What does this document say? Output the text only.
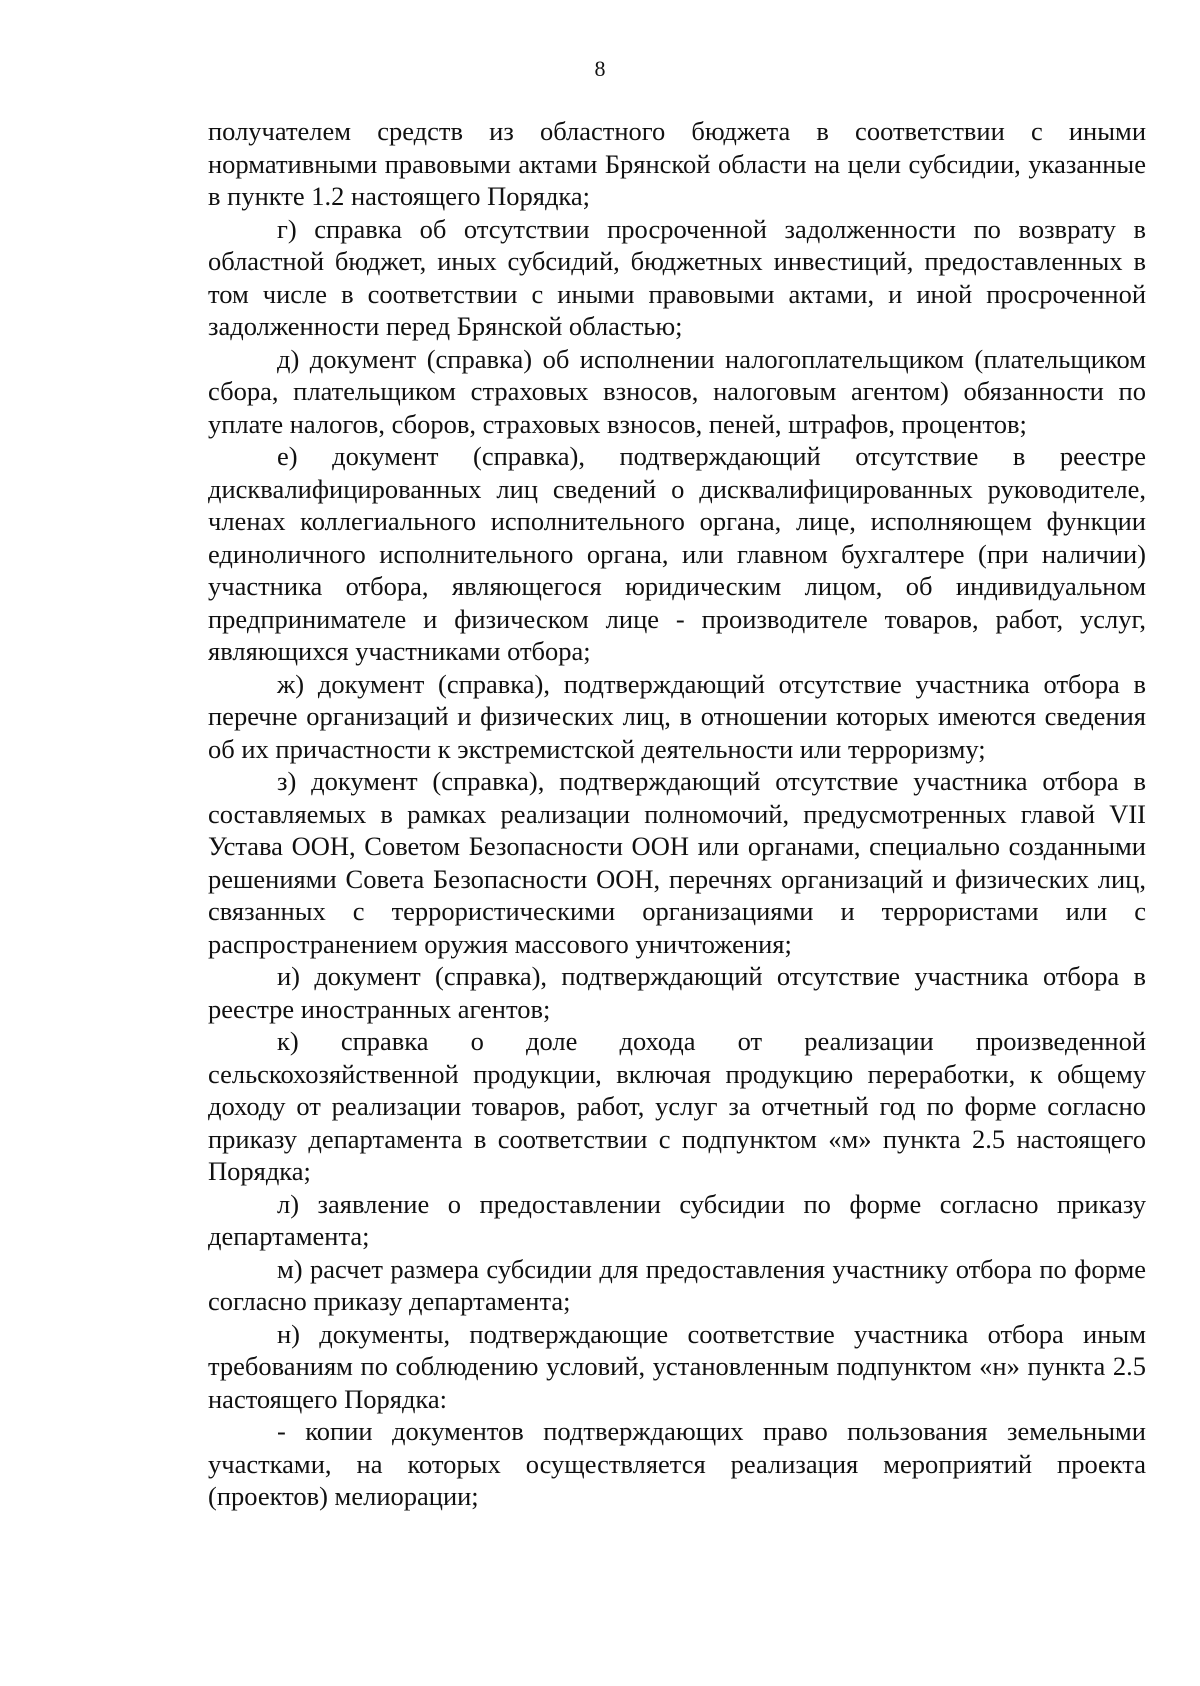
8

получателем средств из областного бюджета в соответствии с иными нормативными правовыми актами Брянской области на цели субсидии, указанные в пункте 1.2 настоящего Порядка;

г) справка об отсутствии просроченной задолженности по возврату в областной бюджет, иных субсидий, бюджетных инвестиций, предоставленных в том числе в соответствии с иными правовыми актами, и иной просроченной задолженности перед Брянской областью;

д) документ (справка) об исполнении налогоплательщиком (плательщиком сбора, плательщиком страховых взносов, налоговым агентом) обязанности по уплате налогов, сборов, страховых взносов, пеней, штрафов, процентов;

е) документ (справка), подтверждающий отсутствие в реестре дисквалифицированных лиц сведений о дисквалифицированных руководителе, членах коллегиального исполнительного органа, лице, исполняющем функции единоличного исполнительного органа, или главном бухгалтере (при наличии) участника отбора, являющегося юридическим лицом, об индивидуальном предпринимателе и физическом лице - производителе товаров, работ, услуг, являющихся участниками отбора;

ж) документ (справка), подтверждающий отсутствие участника отбора в перечне организаций и физических лиц, в отношении которых имеются сведения об их причастности к экстремистской деятельности или терроризму;

з) документ (справка), подтверждающий отсутствие участника отбора в составляемых в рамках реализации полномочий, предусмотренных главой VII Устава ООН, Советом Безопасности ООН или органами, специально созданными решениями Совета Безопасности ООН, перечнях организаций и физических лиц, связанных с террористическими организациями и террористами или с распространением оружия массового уничтожения;

и) документ (справка), подтверждающий отсутствие участника отбора в реестре иностранных агентов;

к) справка о доле дохода от реализации произведенной сельскохозяйственной продукции, включая продукцию переработки, к общему доходу от реализации товаров, работ, услуг за отчетный год по форме согласно приказу департамента в соответствии с подпунктом «м» пункта 2.5 настоящего Порядка;

л) заявление о предоставлении субсидии по форме согласно приказу департамента;

м) расчет размера субсидии для предоставления участнику отбора по форме согласно приказу департамента;

н) документы, подтверждающие соответствие участника отбора иным требованиям по соблюдению условий, установленным подпунктом «н» пункта 2.5 настоящего Порядка:

- копии документов подтверждающих право пользования земельными участками, на которых осуществляется реализация мероприятий проекта (проектов) мелиорации;
